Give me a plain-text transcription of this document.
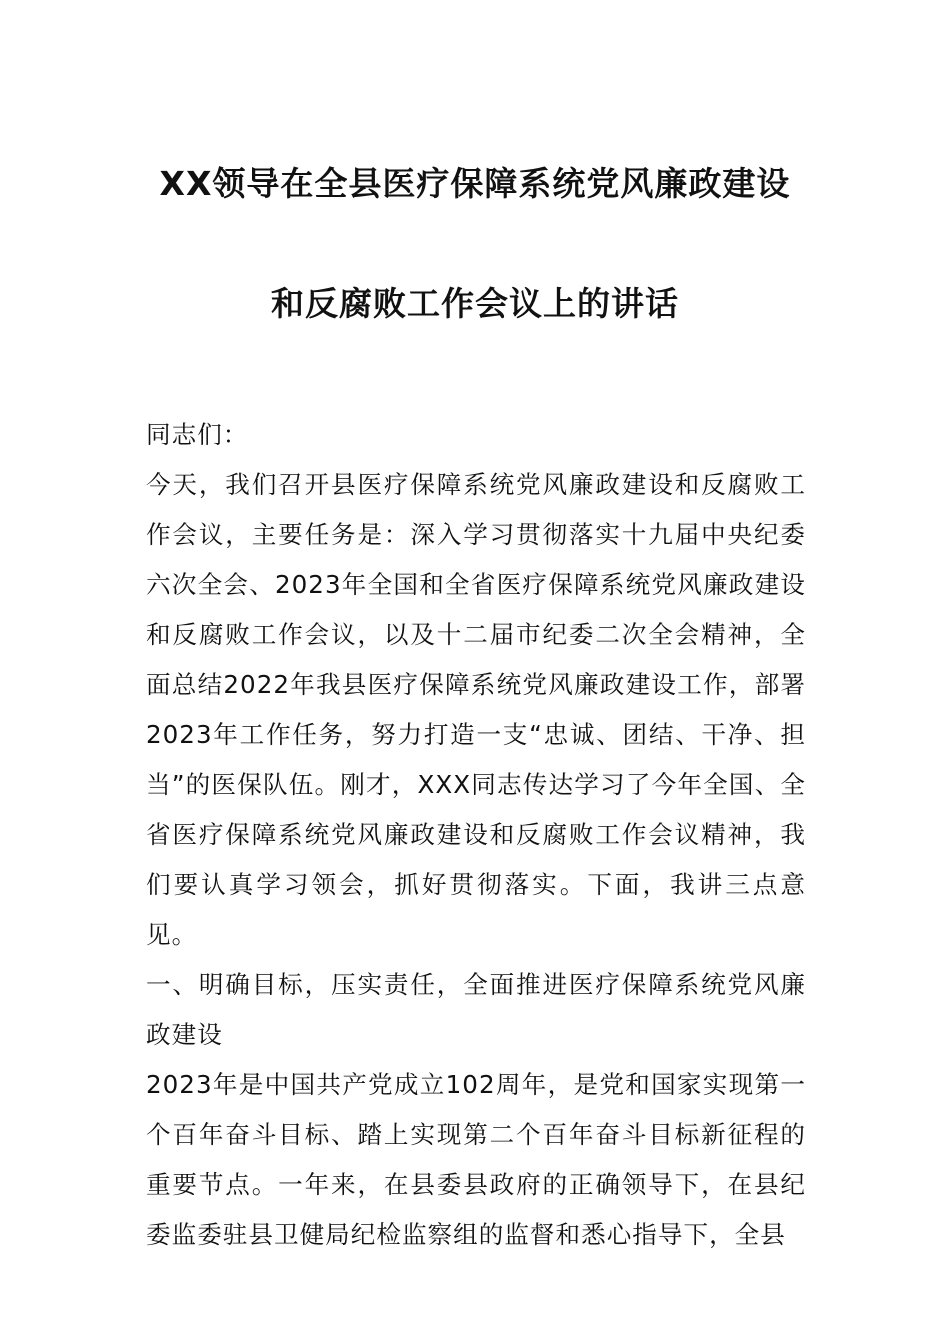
XX领导在全县医疗保障系统党风廉政建设
和反腐败工作会议上的讲话

同志们：

今天，我们召开县医疗保障系统党风廉政建设和反腐败工作会议，主要任务是：深入学习贯彻落实十九届中央纪委六次全会、2023年全国和全省医疗保障系统党风廉政建设和反腐败工作会议，以及十二届市纪委二次全会精神，全面总结2022年我县医疗保障系统党风廉政建设工作，部署2023年工作任务，努力打造一支“忠诚、团结、干净、担当”的医保队伍。刚才，XXX同志传达学习了今年全国、全省医疗保障系统党风廉政建设和反腐败工作会议精神，我们要认真学习领会，抓好贯彻落实。下面，我讲三点意见。

一、明确目标，压实责任，全面推进医疗保障系统党风廉政建设

2023年是中国共产党成立102周年，是党和国家实现第一个百年奋斗目标、踏上实现第二个百年奋斗目标新征程的重要节点。一年来，在县委县政府的正确领导下，在县纪委监委驻县卫健局纪检监察组的监督和悉心指导下，全县
